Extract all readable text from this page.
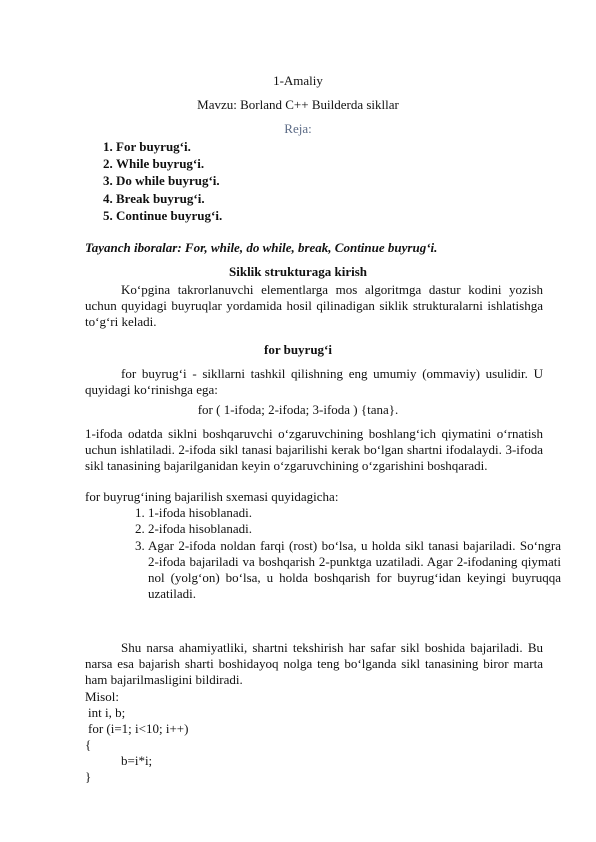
1-Amaliy
Mavzu: Borland C++ Builderda sikllar
Reja:
1. For buyrug‘i.
2. While buyrug‘i.
3. Do while buyrug‘i.
4. Break buyrug‘i.
5. Continue buyrug‘i.
Tayanch iboralar: For, while, do while, break, Continue buyrug‘i.
Siklik strukturaga kirish
Ko‘pgina takrorlanuvchi elementlarga mos algoritmga dastur kodini yozish uchun quyidagi buyruqlar yordamida hosil qilinadigan siklik strukturalarni ishlatishga to‘g‘ri keladi.
for buyrug‘i
for buyrug‘i - sikllarni tashkil qilishning eng umumiy (ommaviy) usulidir. U quyidagi ko‘rinishga ega:
for ( 1-ifoda; 2-ifoda; 3-ifoda ) {tana}.
1-ifoda odatda siklni boshqaruvchi o‘zgaruvchining boshlang‘ich qiymatini o‘rnatish uchun ishlatiladi. 2-ifoda sikl tanasi bajarilishi kerak bo‘lgan shartni ifodalaydi. 3-ifoda sikl tanasining bajarilganidan keyin o‘zgaruvchining o‘zgarishini boshqaradi.
for buyrug‘ining bajarilish sxemasi quyidagicha:
1. 1-ifoda hisoblanadi.
2. 2-ifoda hisoblanadi.
3. Agar 2-ifoda noldan farqi (rost) bo‘lsa, u holda sikl tanasi bajariladi. So‘ngra 2-ifoda bajariladi va boshqarish 2-punktga uzatiladi. Agar 2-ifodaning qiymati nol (yolg‘on) bo‘lsa, u holda boshqarish for buyrug‘idan keyingi buyruqqa uzatiladi.
Shu narsa ahamiyatliki, shartni tekshirish har safar sikl boshida bajariladi. Bu narsa esa bajarish sharti boshidayoq nolga teng bo‘lganda sikl tanasining biror marta ham bajarilmasligini bildiradi.
Misol:
int i, b;
for (i=1; i<10; i++)
{
b=i*i;
}
